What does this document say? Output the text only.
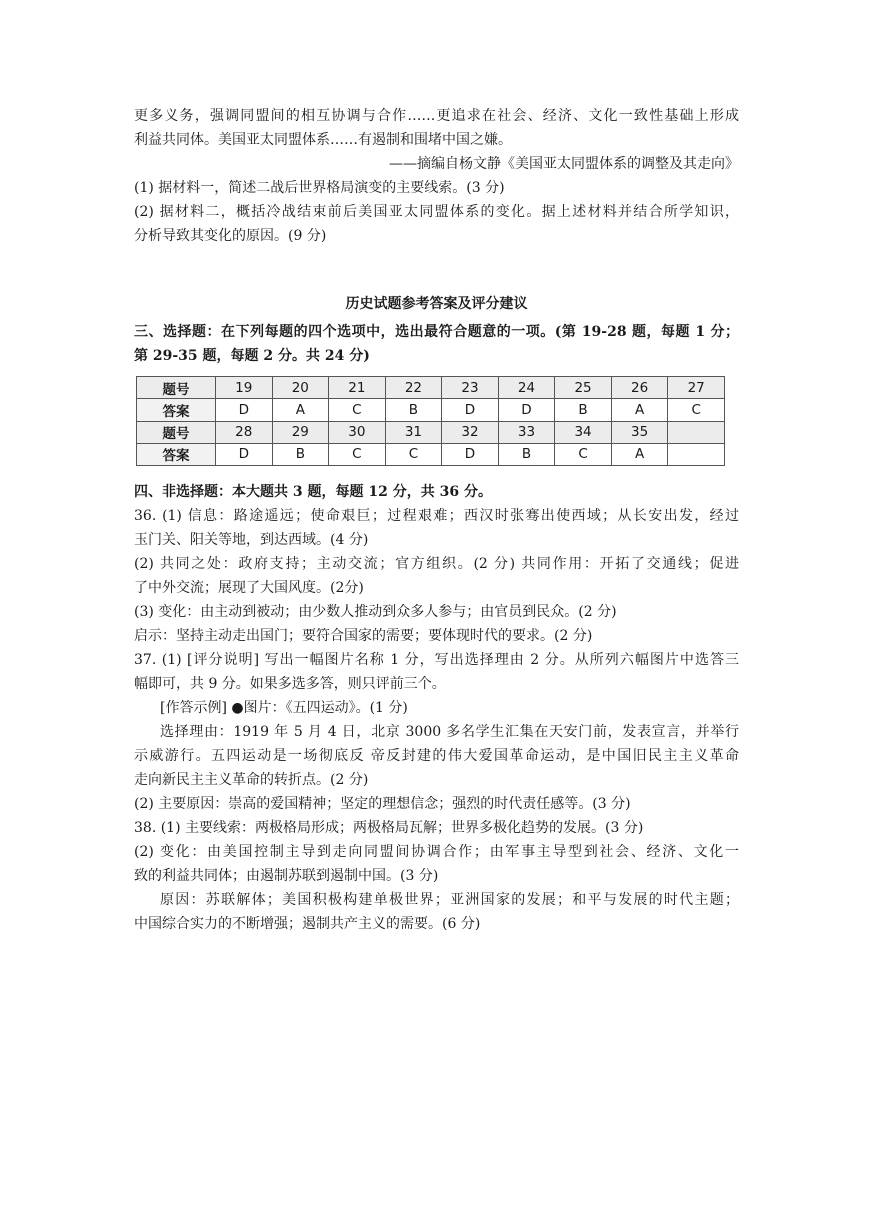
更多义务，强调同盟间的相互协调与合作……更追求在社会、经济、文化一致性基础上形成
利益共同体。美国亚太同盟体系……有遏制和围堵中国之嫌。
——摘编自杨文静《美国亚太同盟体系的调整及其走向》
(1) 据材料一，简述二战后世界格局演变的主要线索。(3 分)
(2) 据材料二，概括冷战结束前后美国亚太同盟体系的变化。据上述材料并结合所学知识，
分析导致其变化的原因。(9 分)
历史试题参考答案及评分建议
三、选择题：在下列每题的四个选项中，选出最符合题意的一项。(第 19-28 题，每题 1 分；
第 29-35 题，每题 2 分。共 24 分)
题号	19	20	21	22	23	24	25	26	27
答案	D	A	C	B	D	D	B	A	C
题号	28	29	30	31	32	33	34	35	
答案	D	B	C	C	D	B	C	A	
四、非选择题：本大题共 3 题，每题 12 分，共 36 分。
36. (1) 信息：路途遥远；使命艰巨；过程艰难；西汉时张骞出使西域；从长安出发，经过
玉门关、阳关等地，到达西域。(4 分)
(2) 共同之处：政府支持；主动交流；官方组织。(2 分) 共同作用：开拓了交通线；促进
了中外交流；展现了大国风度。(2分)
(3) 变化：由主动到被动；由少数人推动到众多人参与；由官员到民众。(2 分)
启示：坚持主动走出国门；要符合国家的需要；要体现时代的要求。(2 分)
37. (1) [评分说明] 写出一幅图片名称 1 分，写出选择理由 2 分。从所列六幅图片中选答三
幅即可，共 9 分。如果多选多答，则只评前三个。
[作答示例] ●图片：《五四运动》。(1 分)
选择理由：1919 年 5 月 4 日，北京 3000 多名学生汇集在天安门前，发表宣言，并举行
示威游行。五四运动是一场彻底反 帝反封建的伟大爱国革命运动，是中国旧民主主义革命
走向新民主主义革命的转折点。(2 分)
(2) 主要原因：崇高的爱国精神；坚定的理想信念；强烈的时代责任感等。(3 分)
38. (1) 主要线索：两极格局形成；两极格局瓦解；世界多极化趋势的发展。(3 分)
(2) 变化：由美国控制主导到走向同盟间协调合作；由军事主导型到社会、经济、文化一
致的利益共同体；由遏制苏联到遏制中国。(3 分)
原因：苏联解体；美国积极构建单极世界；亚洲国家的发展；和平与发展的时代主题；
中国综合实力的不断增强；遏制共产主义的需要。(6 分)
